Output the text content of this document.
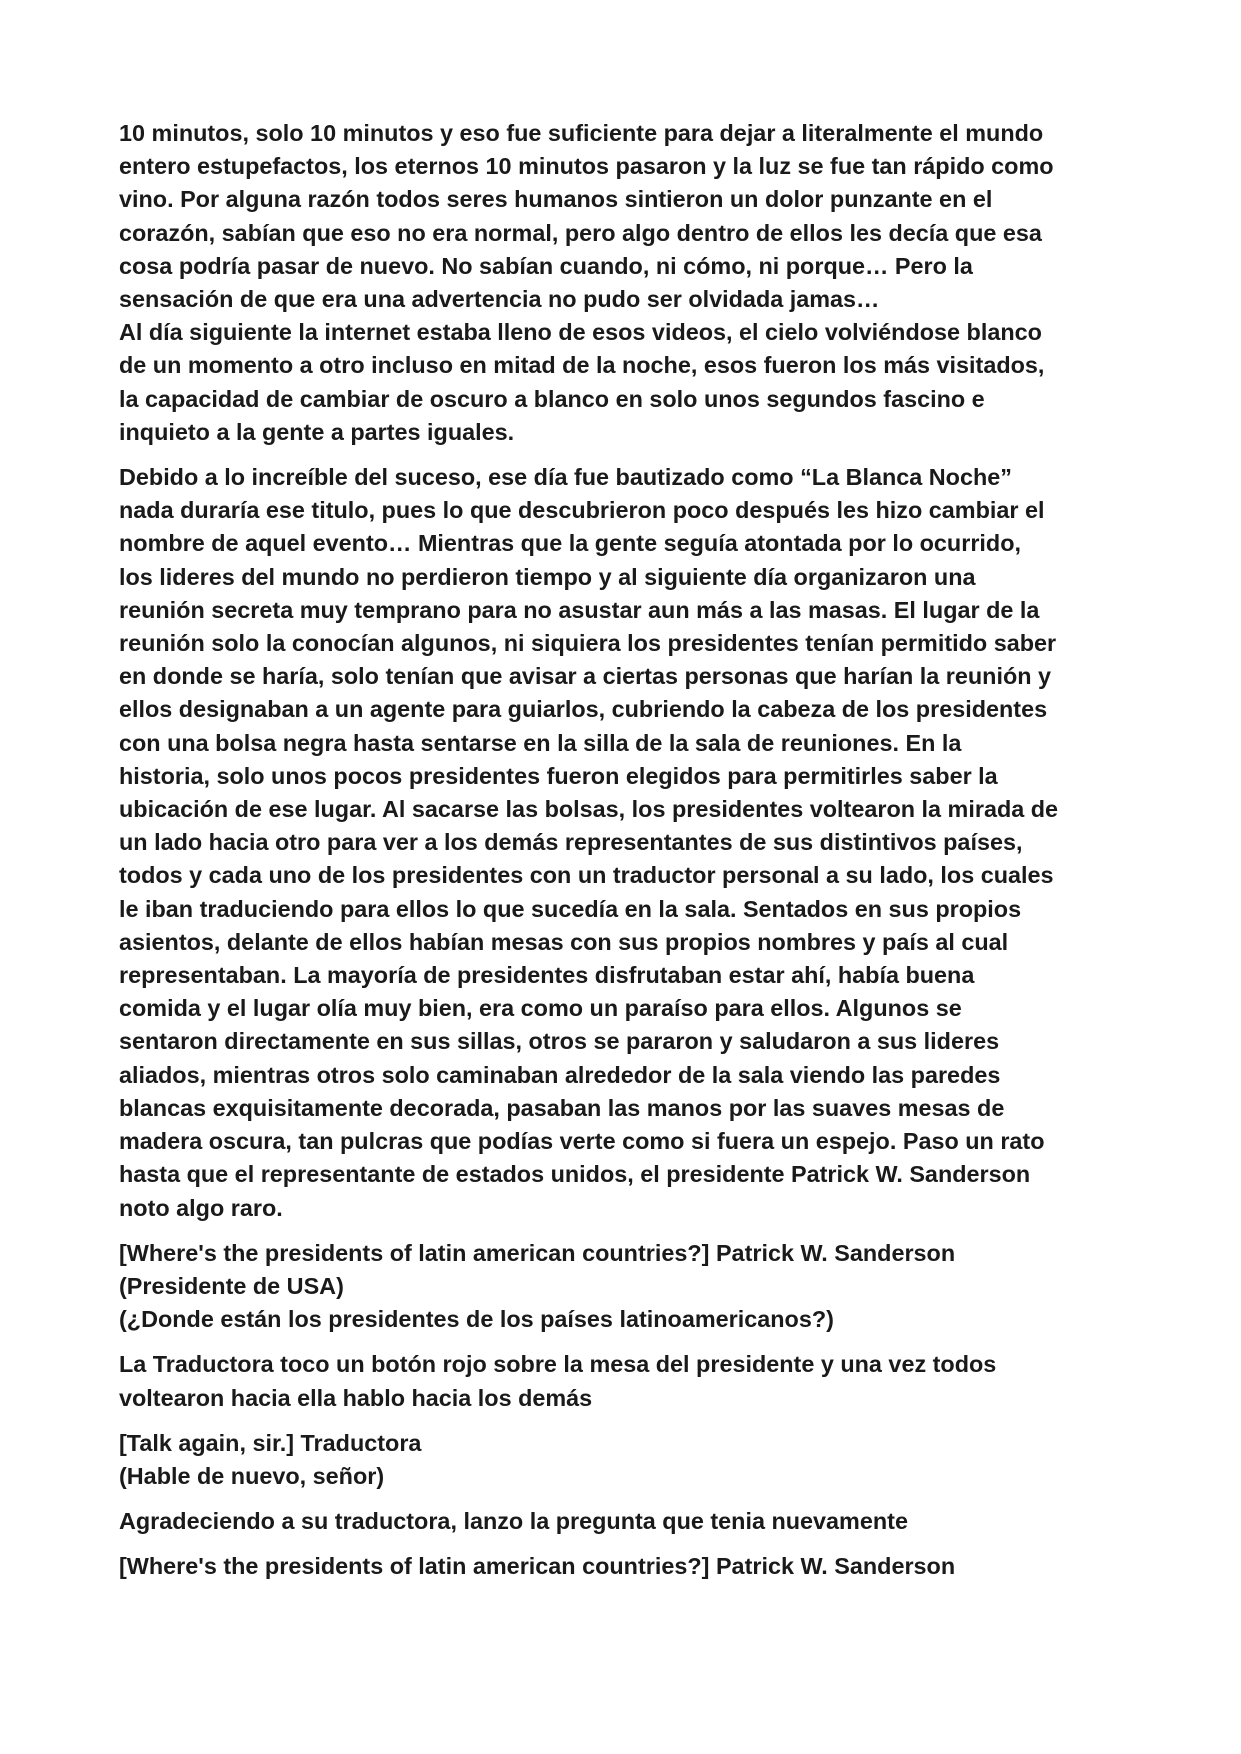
10 minutos, solo 10 minutos y eso fue suficiente para dejar a literalmente el mundo
entero estupefactos, los eternos 10 minutos pasaron y la luz se fue tan rápido como
vino. Por alguna razón todos seres humanos sintieron un dolor punzante en el
corazón, sabían que eso no era normal, pero algo dentro de ellos les decía que esa
cosa podría pasar de nuevo. No sabían cuando, ni cómo, ni porque… Pero la
sensación de que era una advertencia no pudo ser olvidada jamas…
Al día siguiente la internet estaba lleno de esos videos, el cielo volviéndose blanco
de un momento a otro incluso en mitad de la noche, esos fueron los más visitados,
la capacidad de cambiar de oscuro a blanco en solo unos segundos fascino e
inquieto a la gente a partes iguales.

Debido a lo increíble del suceso, ese día fue bautizado como “La Blanca Noche”
nada duraría ese titulo, pues lo que descubrieron poco después les hizo cambiar el
nombre de aquel evento… Mientras que la gente seguía atontada por lo ocurrido,
los lideres del mundo no perdieron tiempo y al siguiente día organizaron una
reunión secreta muy temprano para no asustar aun más a las masas. El lugar de la
reunión solo la conocían algunos, ni siquiera los presidentes tenían permitido saber
en donde se haría, solo tenían que avisar a ciertas personas que harían la reunión y
ellos designaban a un agente para guiarlos, cubriendo la cabeza de los presidentes
con una bolsa negra hasta sentarse en la silla de la sala de reuniones. En la
historia, solo unos pocos presidentes fueron elegidos para permitirles saber la
ubicación de ese lugar. Al sacarse las bolsas, los presidentes voltearon la mirada de
un lado hacia otro para ver a los demás representantes de sus distintivos países,
todos y cada uno de los presidentes con un traductor personal a su lado, los cuales
le iban traduciendo para ellos lo que sucedía en la sala. Sentados en sus propios
asientos, delante de ellos habían mesas con sus propios nombres y país al cual
representaban. La mayoría de presidentes disfrutaban estar ahí, había buena
comida y el lugar olía muy bien, era como un paraíso para ellos. Algunos se
sentaron directamente en sus sillas, otros se pararon y saludaron a sus lideres
aliados, mientras otros solo caminaban alrededor de la sala viendo las paredes
blancas exquisitamente decorada, pasaban las manos por las suaves mesas de
madera oscura, tan pulcras que podías verte como si fuera un espejo. Paso un rato
hasta que el representante de estados unidos, el presidente Patrick W. Sanderson
noto algo raro.

[Where's the presidents of latin american countries?] Patrick W. Sanderson
(Presidente de USA)
(¿Donde están los presidentes de los países latinoamericanos?)

La Traductora toco un botón rojo sobre la mesa del presidente y una vez todos
voltearon hacia ella hablo hacia los demás

[Talk again, sir.] Traductora
(Hable de nuevo, señor)

Agradeciendo a su traductora, lanzo la pregunta que tenia nuevamente

[Where's the presidents of latin american countries?] Patrick W. Sanderson
